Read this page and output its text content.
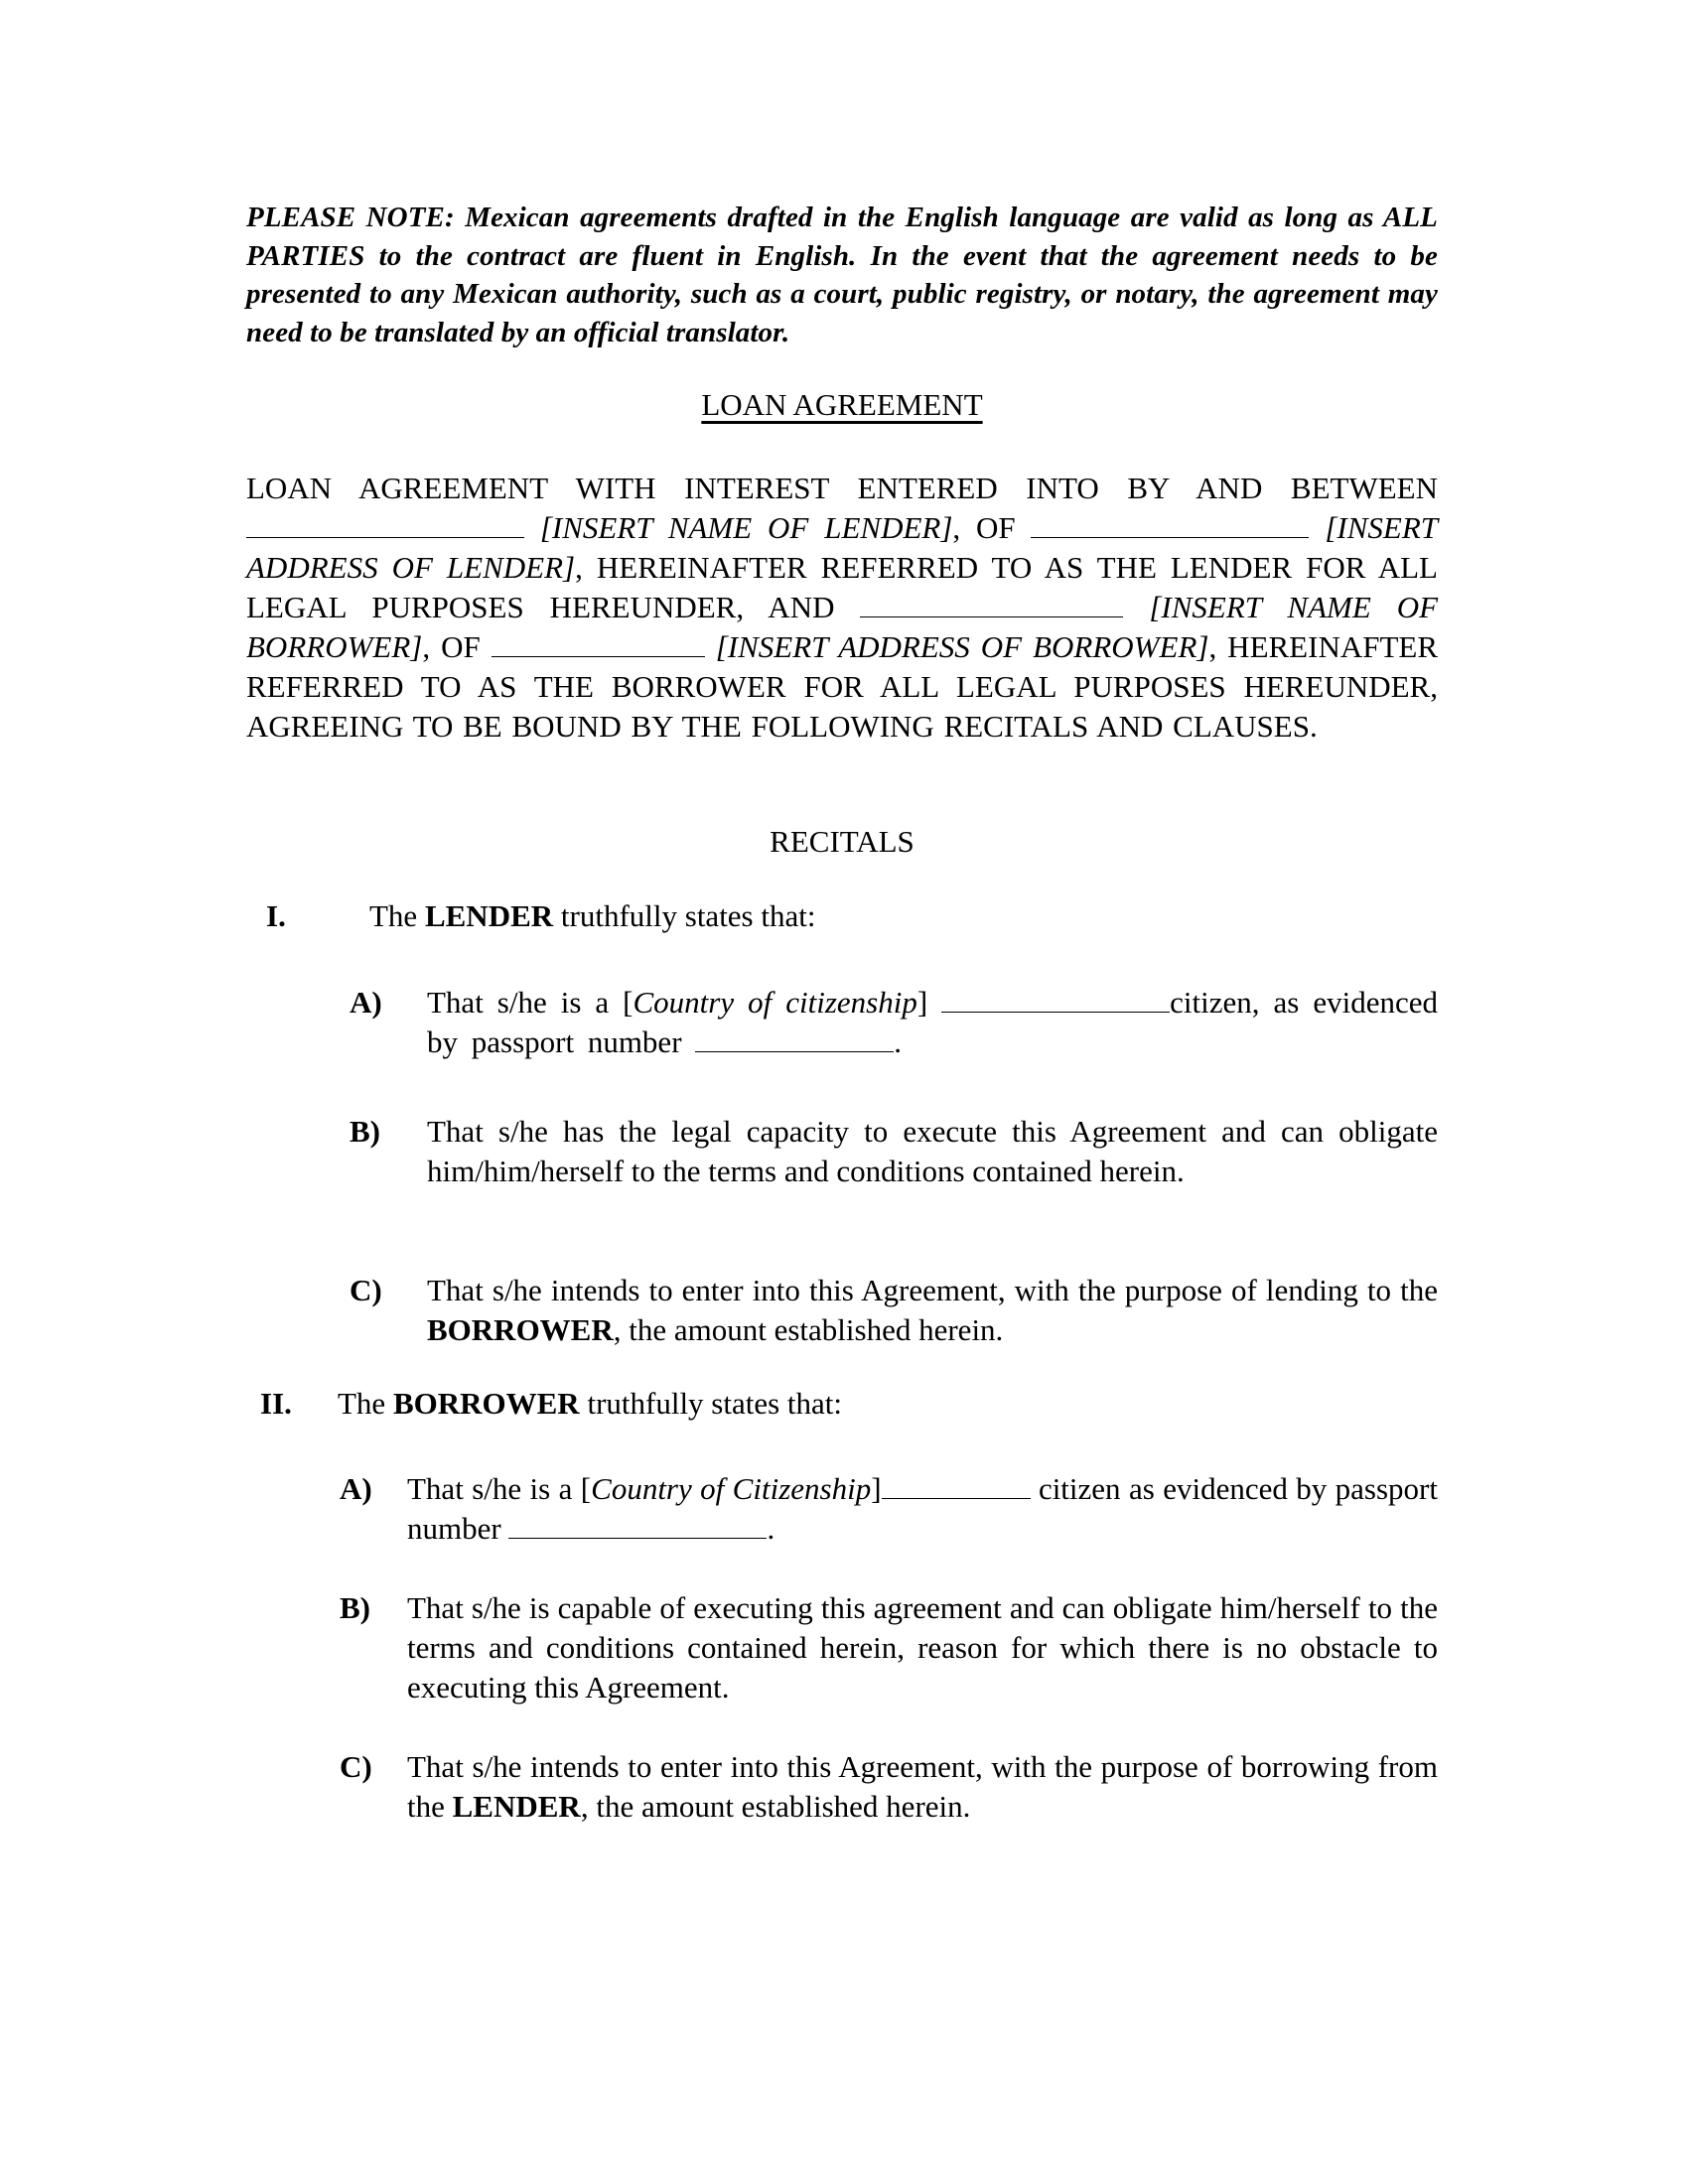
PLEASE NOTE: Mexican agreements drafted in the English language are valid as long as ALL PARTIES to the contract are fluent in English. In the event that the agreement needs to be presented to any Mexican authority, such as a court, public registry, or notary, the agreement may need to be translated by an official translator.
LOAN AGREEMENT
LOAN AGREEMENT WITH INTEREST ENTERED INTO BY AND BETWEEN  [INSERT NAME OF LENDER], OF	[INSERT ADDRESS OF LENDER], HEREINAFTER REFERRED TO AS THE LENDER FOR ALL LEGAL PURPOSES HEREUNDER, AND	[INSERT NAME OF BORROWER], OF	[INSERT ADDRESS OF BORROWER], HEREINAFTER REFERRED TO AS THE BORROWER FOR ALL LEGAL PURPOSES HEREUNDER, AGREEING TO BE BOUND BY THE FOLLOWING RECITALS AND CLAUSES.
RECITALS
I.	The LENDER truthfully states that:
A) That s/he is a [Country of citizenship]	citizen, as evidenced by passport number	.
B) That s/he has the legal capacity to execute this Agreement and can obligate him/him/herself to the terms and conditions contained herein.
C) That s/he intends to enter into this Agreement, with the purpose of lending to the BORROWER, the amount established herein.
II. The BORROWER truthfully states that:
A) That s/he is a [Country of Citizenship]	citizen as evidenced by passport number	.
B) That s/he is capable of executing this agreement and can obligate him/herself to the terms and conditions contained herein, reason for which there is no obstacle to executing this Agreement.
C) That s/he intends to enter into this Agreement, with the purpose of borrowing from the LENDER, the amount established herein.
